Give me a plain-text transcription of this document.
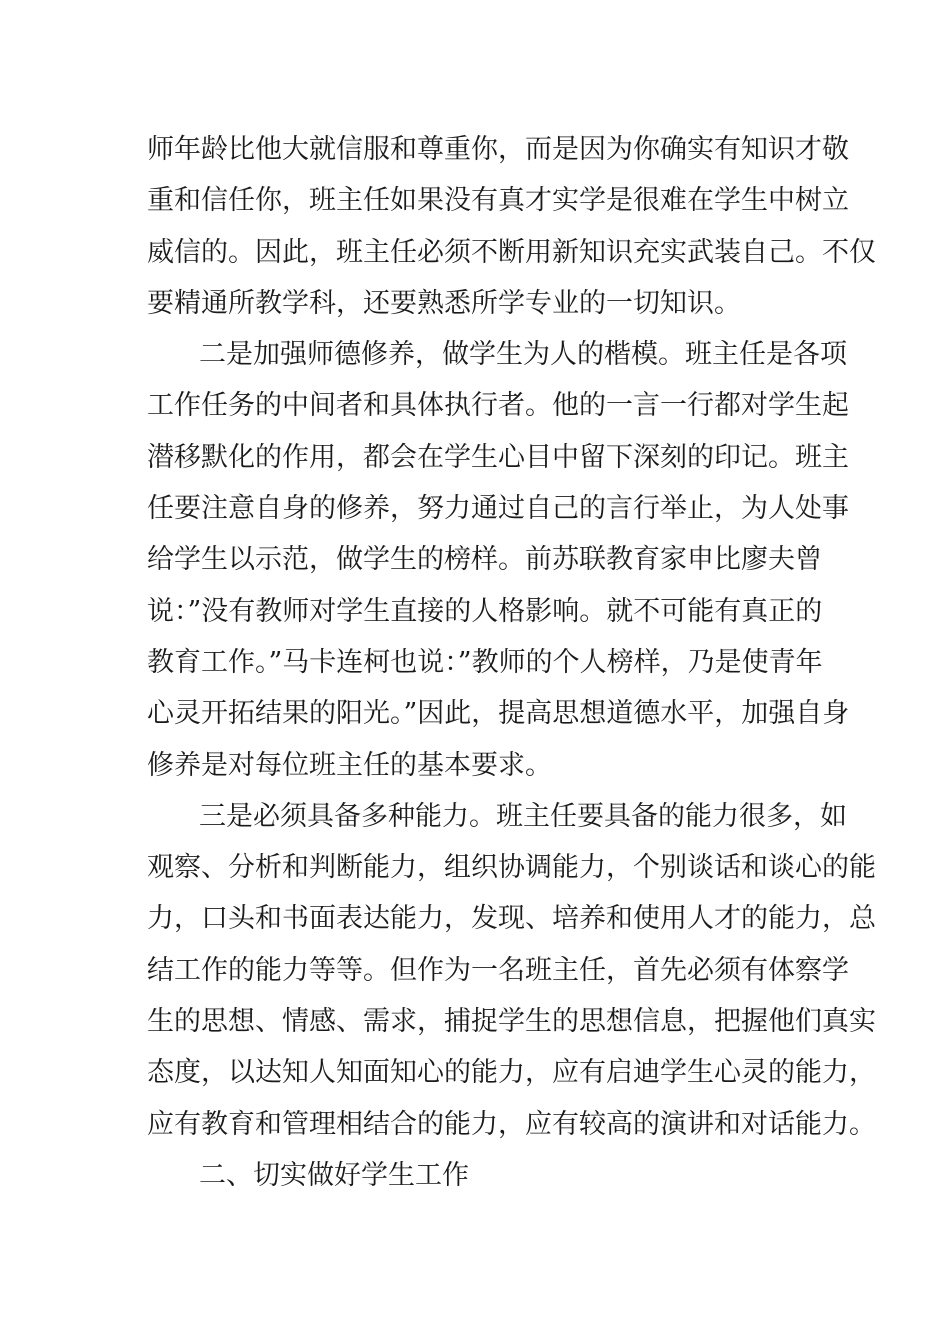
师年龄比他大就信服和尊重你，而是因为你确实有知识才敬
重和信任你，班主任如果没有真才实学是很难在学生中树立
威信的。因此，班主任必须不断用新知识充实武装自己。不仅
要精通所教学科，还要熟悉所学专业的一切知识。
二是加强师德修养，做学生为人的楷模。班主任是各项
工作任务的中间者和具体执行者。他的一言一行都对学生起
潜移默化的作用，都会在学生心目中留下深刻的印记。班主
任要注意自身的修养，努力通过自己的言行举止，为人处事
给学生以示范，做学生的榜样。前苏联教育家申比廖夫曾
说：”没有教师对学生直接的人格影响。就不可能有真正的
教育工作。”马卡连柯也说：”教师的个人榜样，乃是使青年
心灵开拓结果的阳光。”因此，提高思想道德水平，加强自身
修养是对每位班主任的基本要求。
三是必须具备多种能力。班主任要具备的能力很多，如
观察、分析和判断能力，组织协调能力，个别谈话和谈心的能
力，口头和书面表达能力，发现、培养和使用人才的能力，总
结工作的能力等等。但作为一名班主任，首先必须有体察学
生的思想、情感、需求，捕捉学生的思想信息，把握他们真实
态度，以达知人知面知心的能力，应有启迪学生心灵的能力，
应有教育和管理相结合的能力，应有较高的演讲和对话能力。
二、切实做好学生工作
